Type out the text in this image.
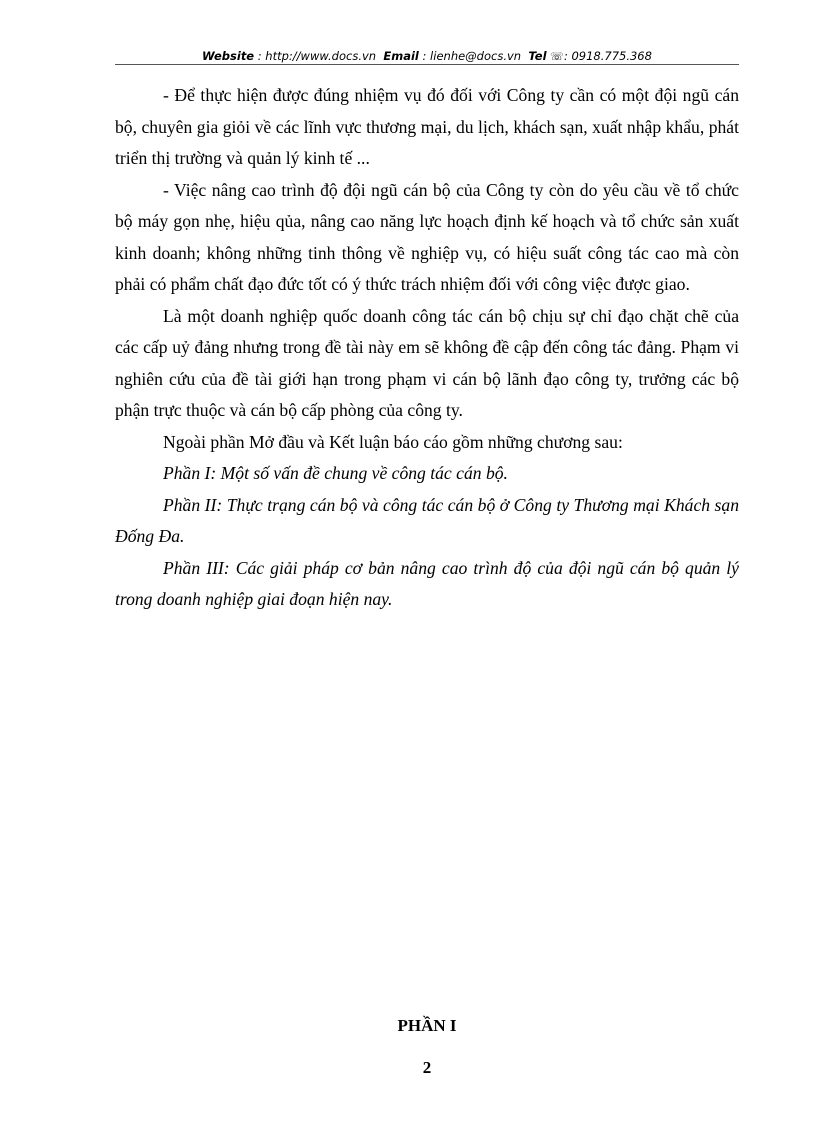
Website : http://www.docs.vn Email : lienhe@docs.vn Tel ☏: 0918.775.368

- Để thực hiện được đúng nhiệm vụ đó đối với Công ty cần có một đội ngũ cán bộ, chuyên gia giỏi về các lĩnh vực thương mại, du lịch, khách sạn, xuất nhập khẩu, phát triển thị trường và quản lý kinh tế ...

- Việc nâng cao trình độ đội ngũ cán bộ của Công ty còn do yêu cầu về tổ chức bộ máy gọn nhẹ, hiệu qủa, nâng cao năng lực hoạch định kế hoạch và tổ chức sản xuất kinh doanh; không những tinh thông về nghiệp vụ, có hiệu suất công tác cao mà còn phải có phẩm chất đạo đức tốt có ý thức trách nhiệm đối với công việc được giao.

Là một doanh nghiệp quốc doanh công tác cán bộ chịu sự chỉ đạo chặt chẽ của các cấp uỷ đảng nhưng trong đề tài này em sẽ không đề cập đến công tác đảng. Phạm vi nghiên cứu của đề tài giới hạn trong phạm vi cán bộ lãnh đạo công ty, trưởng các bộ phận trực thuộc và cán bộ cấp phòng của công ty.

Ngoài phần Mở đầu và Kết luận báo cáo gồm những chương sau:

Phần I: Một số vấn đề chung về công tác cán bộ.

Phần II: Thực trạng cán bộ và công tác cán bộ ở Công ty Thương mại Khách sạn Đống Đa.

Phần III: Các giải pháp cơ bản nâng cao trình độ của đội ngũ cán bộ quản lý trong doanh nghiệp giai đoạn hiện nay.

PHẦN I
2
